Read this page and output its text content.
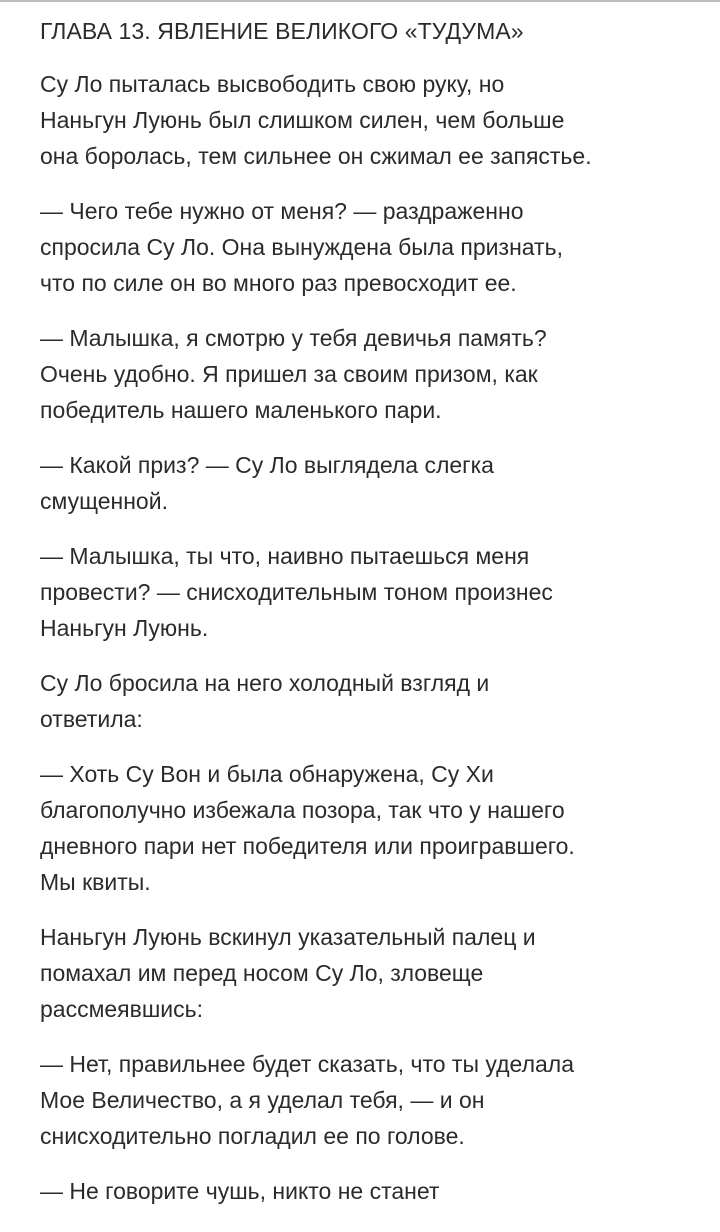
ГЛАВА 13. ЯВЛЕНИЕ ВЕЛИКОГО «ТУДУМА»

Су Ло пыталась высвободить свою руку, но
Наньгун Луюнь был слишком силен, чем больше
она боролась, тем сильнее он сжимал ее запястье.

— Чего тебе нужно от меня? — раздраженно
спросила Су Ло. Она вынуждена была признать,
что по силе он во много раз превосходит ее.

— Малышка, я смотрю у тебя девичья память?
Очень удобно. Я пришел за своим призом, как
победитель нашего маленького пари.

— Какой приз? — Су Ло выглядела слегка
смущенной.

— Малышка, ты что, наивно пытаешься меня
провести? — снисходительным тоном произнес
Наньгун Луюнь.

Су Ло бросила на него холодный взгляд и
ответила:

— Хоть Су Вон и была обнаружена, Су Хи
благополучно избежала позора, так что у нашего
дневного пари нет победителя или проигравшего.
Мы квиты.

Наньгун Луюнь вскинул указательный палец и
помахал им перед носом Су Ло, зловеще
рассмеявшись:

— Нет, правильнее будет сказать, что ты уделала
Мое Величество, а я уделал тебя, — и он
снисходительно погладил ее по голове.

— Не говорите чушь, никто не станет
